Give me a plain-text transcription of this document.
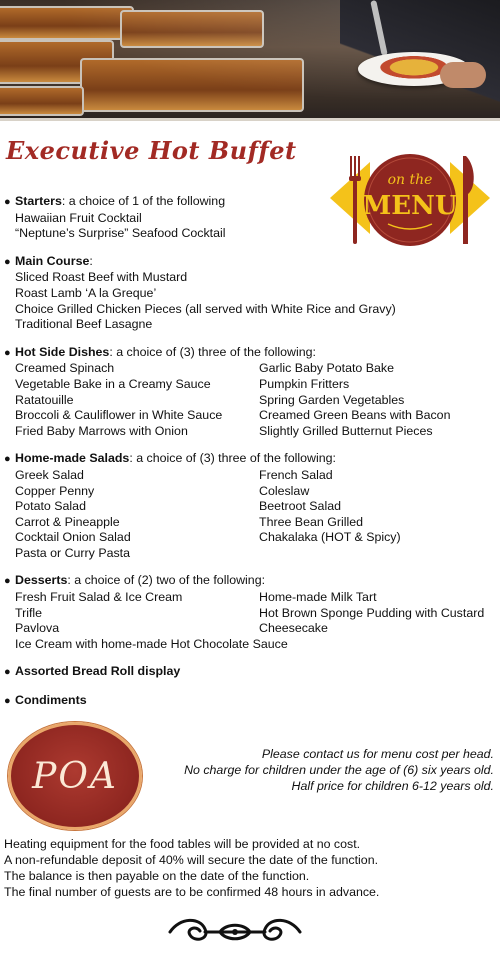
Executive Hot Buffet
on the
MENU
● Starters: a choice of 1 of the following
Hawaiian Fruit Cocktail
“Neptune’s Surprise” Seafood Cocktail
● Main Course:
Sliced Roast Beef with Mustard
Roast Lamb ‘A la Greque’
Choice Grilled Chicken Pieces (all served with White Rice and Gravy)
Traditional Beef Lasagne
● Hot Side Dishes: a choice of (3) three of the following:
Creamed Spinach	Garlic Baby Potato Bake
Vegetable Bake in a Creamy Sauce	Pumpkin Fritters
Ratatouille	Spring Garden Vegetables
Broccoli & Cauliflower in White Sauce	Creamed Green Beans with Bacon
Fried Baby Marrows with Onion	Slightly Grilled Butternut Pieces
● Home-made Salads: a choice of (3) three of the following:
Greek Salad	French Salad
Copper Penny	Coleslaw
Potato Salad	Beetroot Salad
Carrot & Pineapple	Three Bean Grilled
Cocktail Onion Salad	Chakalaka (HOT & Spicy)
Pasta or Curry Pasta
● Desserts: a choice of (2) two of the following:
Fresh Fruit Salad & Ice Cream	Home-made Milk Tart
Trifle	Hot Brown Sponge Pudding with Custard
Pavlova	Cheesecake
Ice Cream with home-made Hot Chocolate Sauce
● Assorted Bread Roll display
● Condiments
POA
Please contact us for menu cost per head.
No charge for children under the age of (6) six years old.
Half price for children 6-12 years old.
Heating equipment for the food tables will be provided at no cost.
A non-refundable deposit of 40% will secure the date of the function.
The balance is then payable on the date of the function.
The final number of guests are to be confirmed 48 hours in advance.
